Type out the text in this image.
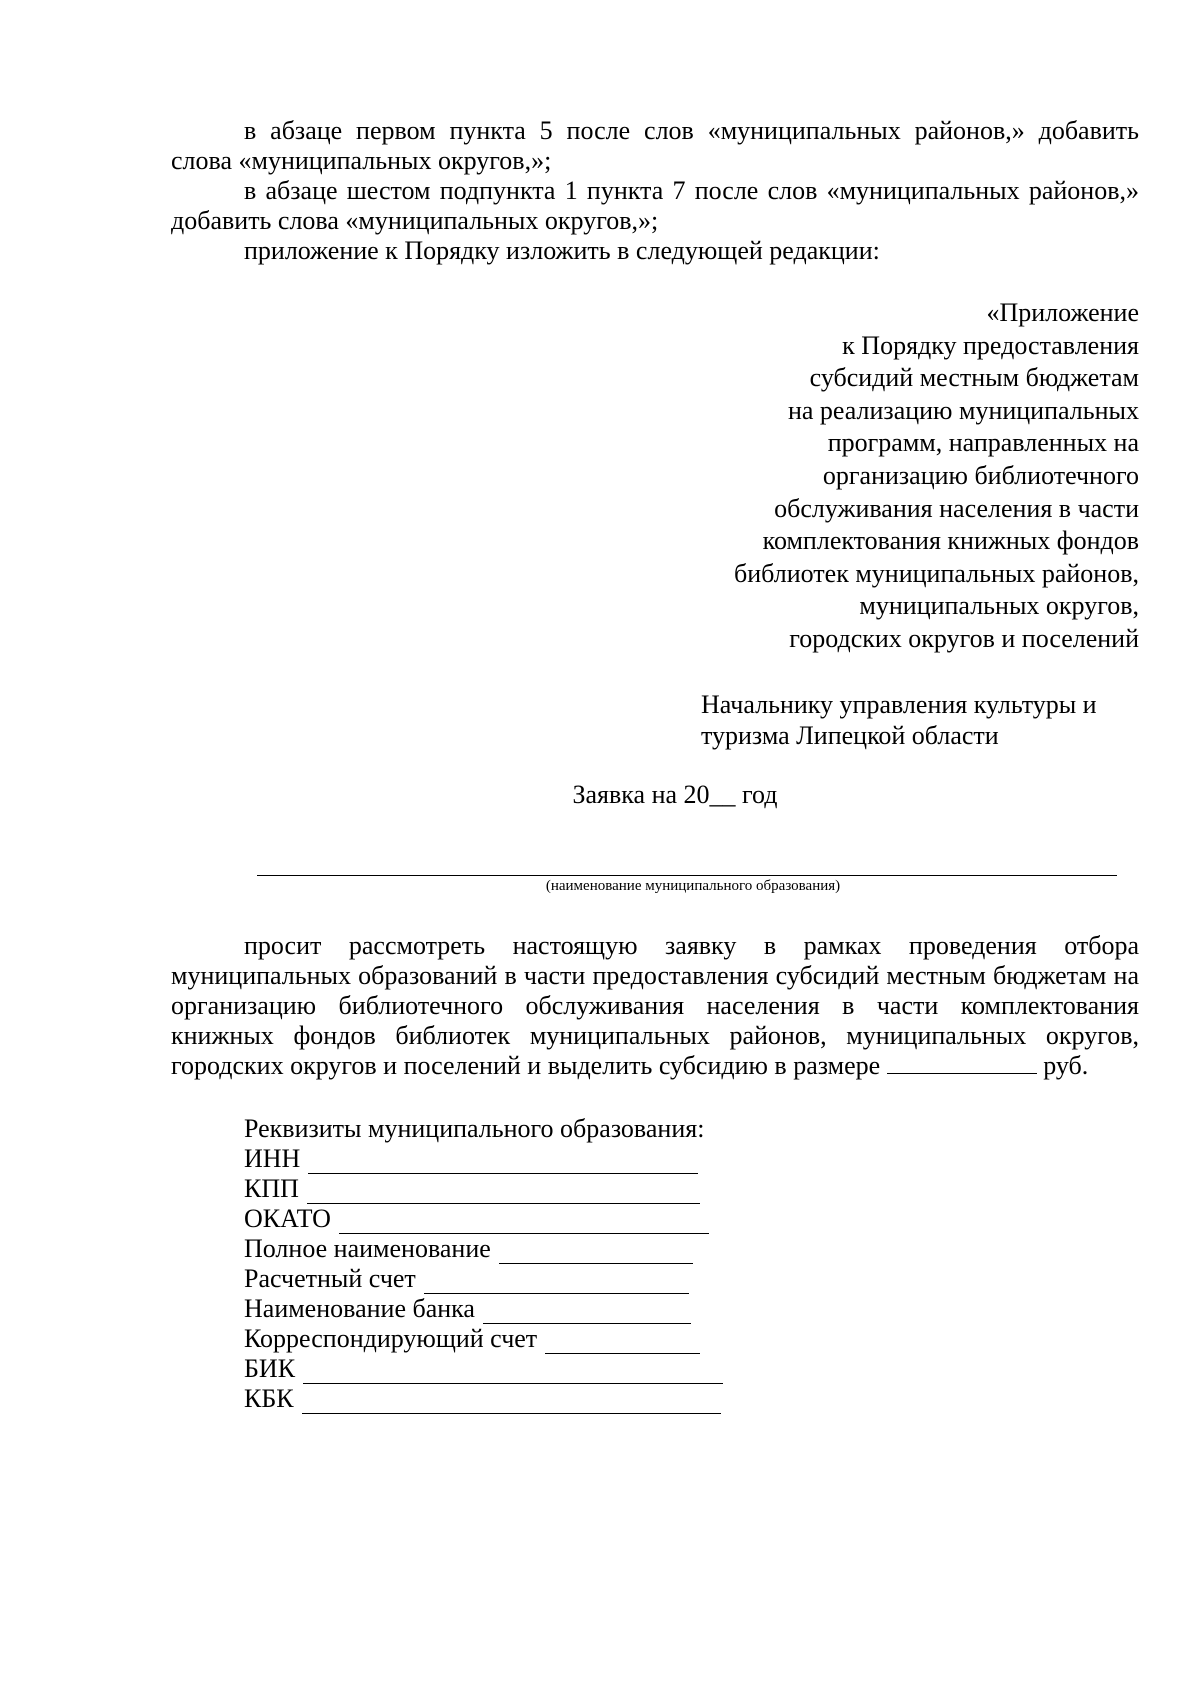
в абзаце первом пункта 5 после слов «муниципальных районов,» добавить слова «муниципальных округов,»;

в абзаце шестом подпункта 1 пункта 7 после слов «муниципальных районов,» добавить слова «муниципальных округов,»;

приложение к Порядку изложить в следующей редакции:

«Приложение
к Порядку предоставления
субсидий местным бюджетам
на реализацию муниципальных
программ, направленных на
организацию библиотечного
обслуживания населения в части
комплектования книжных фондов
библиотек муниципальных районов,
муниципальных округов,
городских округов и поселений
Начальнику управления культуры и
туризма Липецкой области
Заявка на 20__ год
(наименование муниципального образования)

просит рассмотреть настоящую заявку в рамках проведения отбора муниципальных образований в части предоставления субсидий местным бюджетам на организацию библиотечного обслуживания населения в части комплектования книжных фондов библиотек муниципальных районов, муниципальных округов, городских округов и поселений и выделить субсидию в размере	руб.

Реквизиты муниципального образования:
ИНН
КПП
ОКАТО
Полное наименование
Расчетный счет
Наименование банка
Корреспондирующий счет
БИК
КБК
